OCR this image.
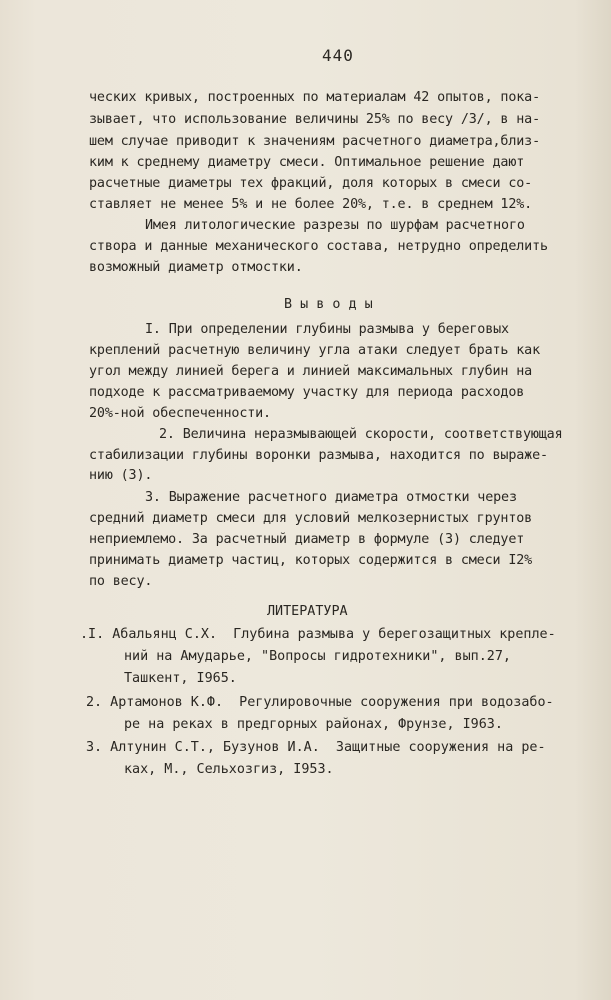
440
ческих кривых, построенных по материалам 42 опытов, пока-
зывает, что использование величины 25% по весу /3/, в на-
шем случае приводит к значениям расчетного диаметра,близ-
ким к среднему диаметру смеси. Оптимальное решение дают
расчетные диаметры тех фракций, доля которых в смеси со-
ставляет не менее 5% и не более 20%, т.е. в среднем 12%.
Имея литологические разрезы по шурфам расчетного
створа и данные механического состава, нетрудно определить
возможный диаметр отмостки.
В ы в о д ы
I. При определении глубины размыва у береговых
креплений расчетную величину угла атаки следует брать как
угол между линией берега и линией максимальных глубин на
подходе к рассматриваемому участку для периода расходов
20%-ной обеспеченности.
2. Величина неразмывающей скорости, соответствующая
стабилизации глубины воронки размыва, находится по выраже-
нию (3).
3. Выражение расчетного диаметра отмостки через
средний диаметр смеси для условий мелкозернистых грунтов
неприемлемо. За расчетный диаметр в формуле (3) следует
принимать диаметр частиц, которых содержится в смеси I2%
по весу.
ЛИТЕРАТУРА
.I. Абальянц С.Х.  Глубина размыва у берегозащитных крепле-
ний на Амударье, "Вопросы гидротехники", вып.27,
Ташкент, I965.
2. Артамонов К.Ф.  Регулировочные сооружения при водозабо-
ре на реках в предгорных районах, Фрунзе, I963.
3. Алтунин С.Т., Бузунов И.А.  Защитные сооружения на ре-
ках, М., Сельхозгиз, I953.
